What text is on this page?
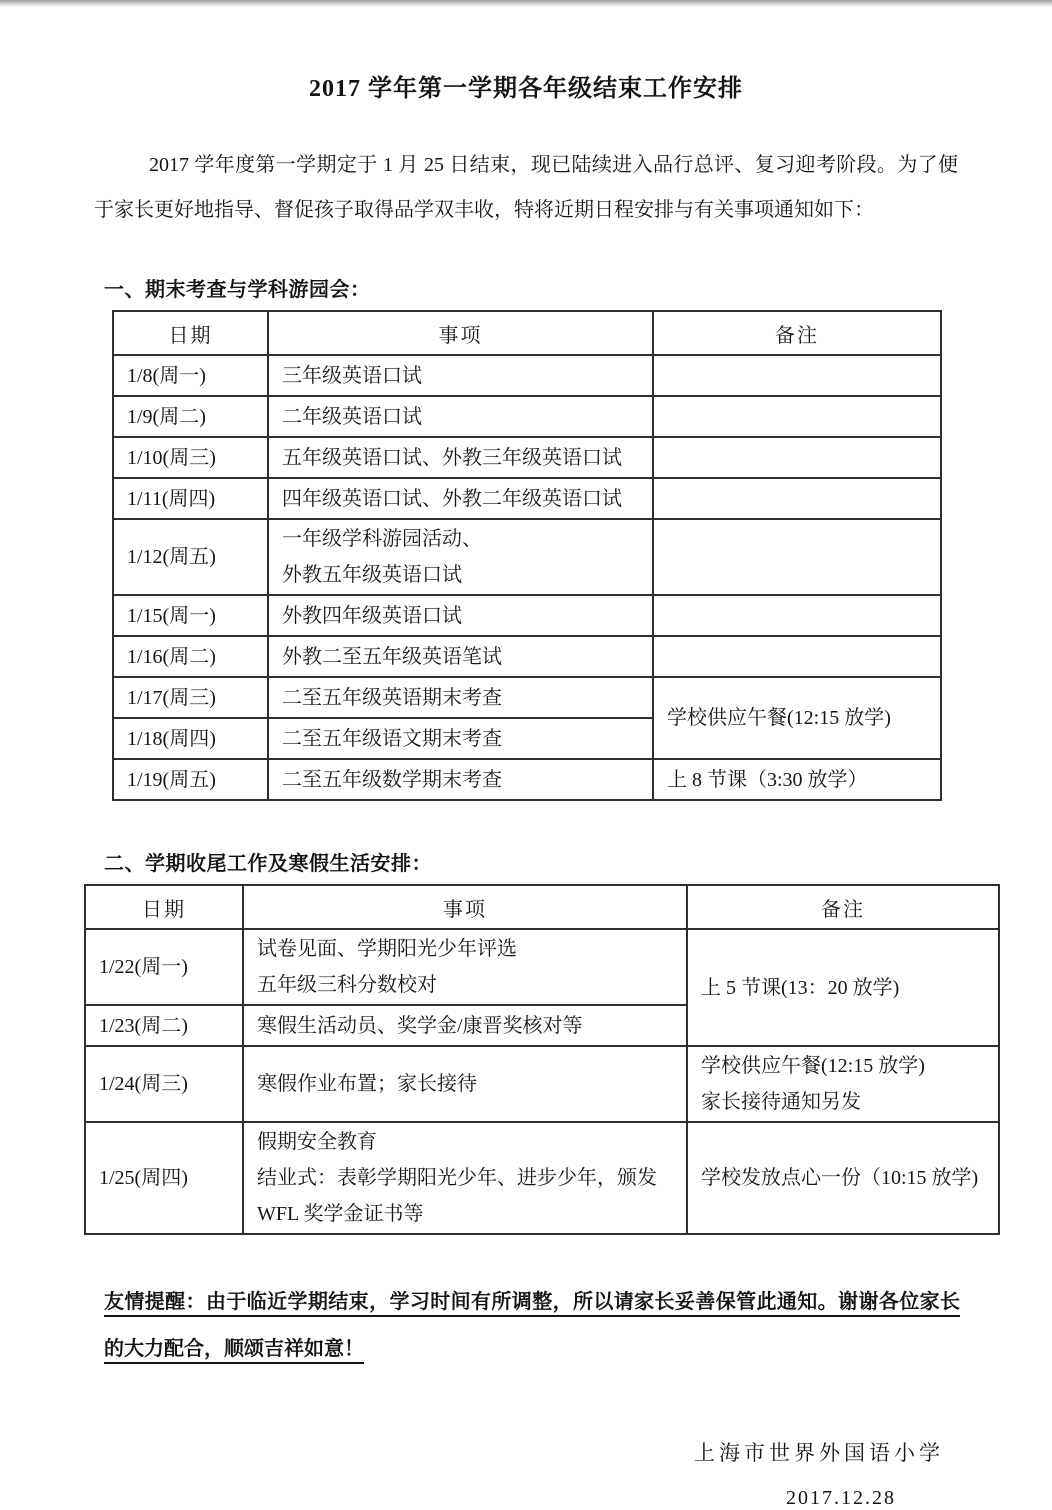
2017 学年第一学期各年级结束工作安排

2017 学年度第一学期定于 1 月 25 日结束，现已陆续进入品行总评、复习迎考阶段。为了便于家长更好地指导、督促孩子取得品学双丰收，特将近期日程安排与有关事项通知如下：

一、期末考查与学科游园会：
日期	事项	备注
1/8(周一)	三年级英语口试	
1/9(周二)	二年级英语口试	
1/10(周三)	五年级英语口试、外教三年级英语口试	
1/11(周四)	四年级英语口试、外教二年级英语口试	
1/12(周五)	一年级学科游园活动、
外教五年级英语口试	
1/15(周一)	外教四年级英语口试	
1/16(周二)	外教二至五年级英语笔试	
1/17(周三)	二至五年级英语期末考查	学校供应午餐(12:15 放学)
1/18(周四)	二至五年级语文期末考查	
1/19(周五)	二至五年级数学期末考查	上 8 节课（3:30 放学）
二、学期收尾工作及寒假生活安排：
日期	事项	备注
1/22(周一)	试卷见面、学期阳光少年评选
五年级三科分数校对	上 5 节课(13：20 放学)
1/23(周二)	寒假生活动员、奖学金/康晋奖核对等	
1/24(周三)	寒假作业布置；家长接待	学校供应午餐(12:15 放学)
家长接待通知另发
1/25(周四)	假期安全教育
结业式：表彰学期阳光少年、进步少年，颁发
WFL 奖学金证书等	学校发放点心一份（10:15 放学)

友情提醒：由于临近学期结束，学习时间有所调整，所以请家长妥善保管此通知。谢谢各位家长的大力配合，顺颂吉祥如意！

上海市世界外国语小学
2017.12.28
